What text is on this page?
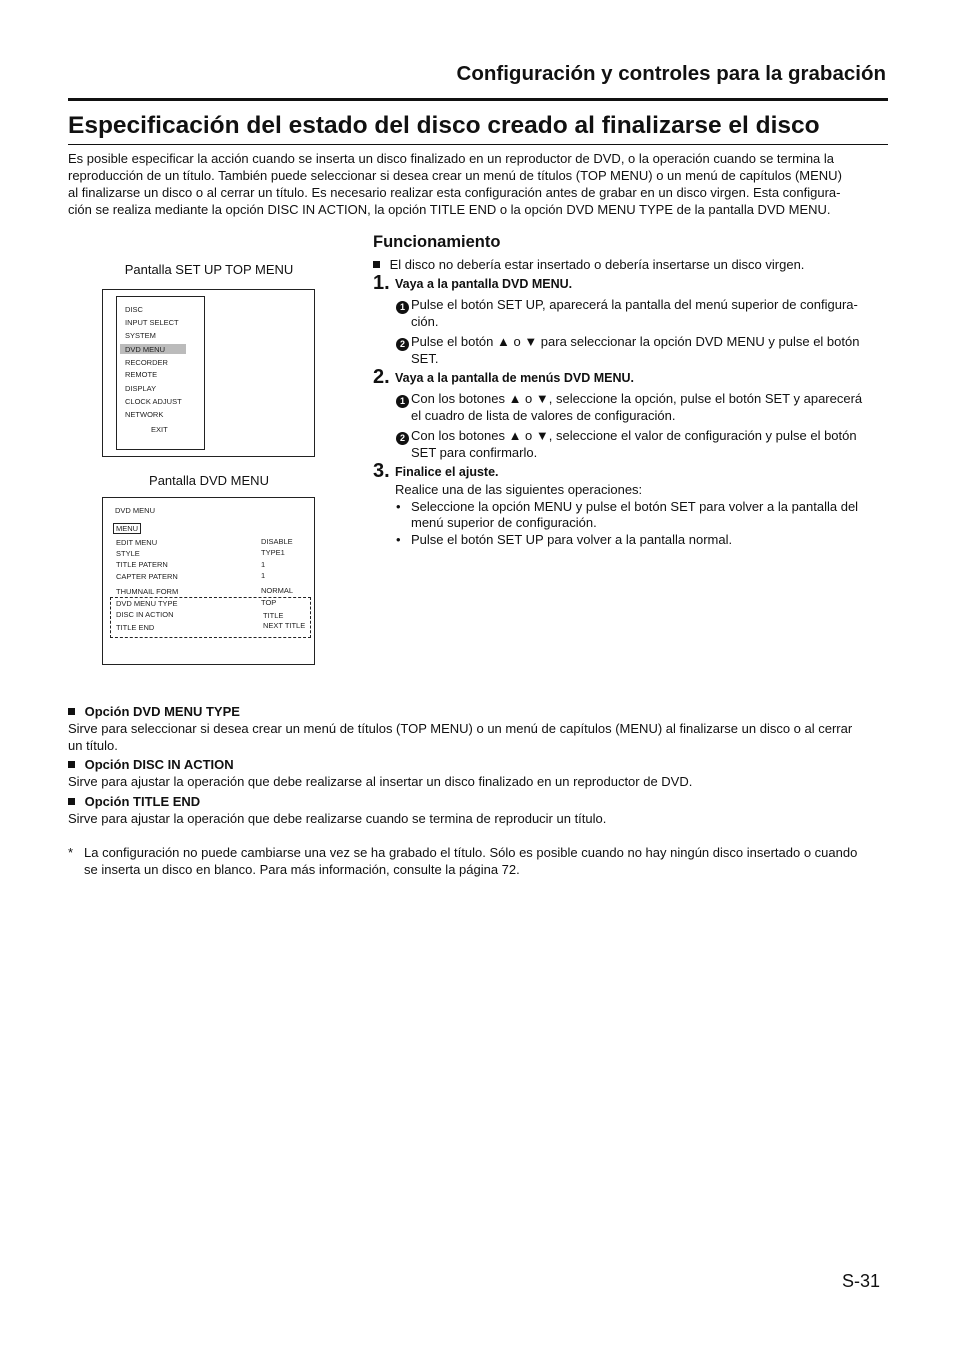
Configuración y controles para la grabación
Especificación del estado del disco creado al finalizarse el disco
Es posible especificar la acción cuando se inserta un disco finalizado en un reproductor de DVD, o la operación cuando se termina la
reproducción de un título. También puede seleccionar si desea crear un menú de títulos (TOP MENU) o un menú de capítulos (MENU)
al finalizarse un disco o al cerrar un título. Es necesario realizar esta configuración antes de grabar en un disco virgen. Esta configura-
ción se realiza mediante la opción DISC IN ACTION, la opción TITLE END o la opción DVD MENU TYPE de la pantalla DVD MENU.
Pantalla SET UP TOP MENU
DISC
INPUT SELECT
SYSTEM
DVD MENU
RECORDER
REMOTE
DISPLAY
CLOCK ADJUST
NETWORK
EXIT
Pantalla DVD MENU
DVD MENU
MENU
EDIT MENU
STYLE
TITLE PATERN
CAPTER PATERN
THUMNAIL FORM
DVD MENU TYPE
DISC IN ACTION
TITLE END
DISABLE
TYPE1
1
1
NORMAL
TOP
TITLE
NEXT TITLE
Funcionamiento
El disco no debería estar insertado o debería insertarse un disco virgen.
1. Vaya a la pantalla DVD MENU.
1 Pulse el botón SET UP, aparecerá la pantalla del menú superior de configura-
ción.
2 Pulse el botón ▲ o ▼ para seleccionar la opción DVD MENU y pulse el botón
SET.
2. Vaya a la pantalla de menús DVD MENU.
1 Con los botones ▲ o ▼, seleccione la opción, pulse el botón SET y aparecerá
el cuadro de lista de valores de configuración.
2 Con los botones ▲ o ▼, seleccione el valor de configuración y pulse el botón
SET para confirmarlo.
3. Finalice el ajuste.
Realice una de las siguientes operaciones:
• Seleccione la opción MENU y pulse el botón SET para volver a la pantalla del
menú superior de configuración.
• Pulse el botón SET UP para volver a la pantalla normal.
Opción DVD MENU TYPE
Sirve para seleccionar si desea crear un menú de títulos (TOP MENU) o un menú de capítulos (MENU) al finalizarse un disco o al cerrar
un título.
Opción DISC IN ACTION
Sirve para ajustar la operación que debe realizarse al insertar un disco finalizado en un reproductor de DVD.
Opción TITLE END
Sirve para ajustar la operación que debe realizarse cuando se termina de reproducir un título.
* La configuración no puede cambiarse una vez se ha grabado el título. Sólo es posible cuando no hay ningún disco insertado o cuando
se inserta un disco en blanco. Para más información, consulte la página 72.
S-31
